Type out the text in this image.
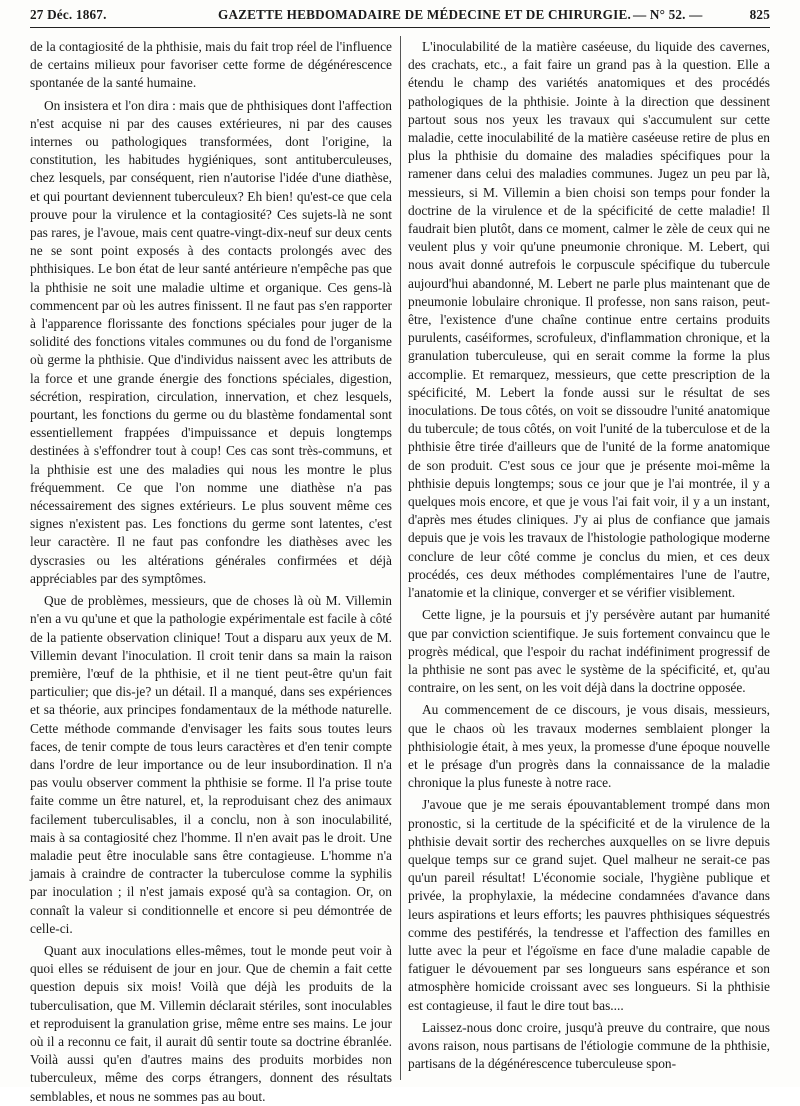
27 Déc. 1867.	GAZETTE HEBDOMADAIRE DE MÉDECINE ET DE CHIRURGIE. — N° 52. —	825

de la contagiosité de la phthisie, mais du fait trop réel de l'influence de certains milieux pour favoriser cette forme de dégénérescence spontanée de la santé humaine.

On insistera et l'on dira : mais que de phthisiques dont l'affection n'est acquise ni par des causes extérieures, ni par des causes internes ou pathologiques transformées, dont l'origine, la constitution, les habitudes hygiéniques, sont antituberculeuses, chez lesquels, par conséquent, rien n'autorise l'idée d'une diathèse, et qui pourtant deviennent tuberculeux? Eh bien! qu'est-ce que cela prouve pour la virulence et la contagiosité? Ces sujets-là ne sont pas rares, je l'avoue, mais cent quatre-vingt-dix-neuf sur deux cents ne se sont point exposés à des contacts prolongés avec des phthisiques. Le bon état de leur santé antérieure n'empêche pas que la phthisie ne soit une maladie ultime et organique. Ces gens-là commencent par où les autres finissent. Il ne faut pas s'en rapporter à l'apparence florissante des fonctions spéciales pour juger de la solidité des fonctions vitales communes ou du fond de l'organisme où germe la phthisie. Que d'individus naissent avec les attributs de la force et une grande énergie des fonctions spéciales, digestion, sécrétion, respiration, circulation, innervation, et chez lesquels, pourtant, les fonctions du germe ou du blastème fondamental sont essentiellement frappées d'impuissance et depuis longtemps destinées à s'effondrer tout à coup! Ces cas sont très-communs, et la phthisie est une des maladies qui nous les montre le plus fréquemment. Ce que l'on nomme une diathèse n'a pas nécessairement des signes extérieurs. Le plus souvent même ces signes n'existent pas. Les fonctions du germe sont latentes, c'est leur caractère. Il ne faut pas confondre les diathèses avec les dyscrasies ou les altérations générales confirmées et déjà appréciables par des symptômes.

Que de problèmes, messieurs, que de choses là où M. Villemin n'en a vu qu'une et que la pathologie expérimentale est facile à côté de la patiente observation clinique! Tout a disparu aux yeux de M. Villemin devant l'inoculation. Il croit tenir dans sa main la raison première, l'œuf de la phthisie, et il ne tient peut-être qu'un fait particulier; que dis-je? un détail. Il a manqué, dans ses expériences et sa théorie, aux principes fondamentaux de la méthode naturelle. Cette méthode commande d'envisager les faits sous toutes leurs faces, de tenir compte de tous leurs caractères et d'en tenir compte dans l'ordre de leur importance ou de leur insubordination. Il n'a pas voulu observer comment la phthisie se forme. Il l'a prise toute faite comme un être naturel, et, la reproduisant chez des animaux facilement tuberculisables, il a conclu, non à son inoculabilité, mais à sa contagiosité chez l'homme. Il n'en avait pas le droit. Une maladie peut être inoculable sans être contagieuse. L'homme n'a jamais à craindre de contracter la tuberculose comme la syphilis par inoculation ; il n'est jamais exposé qu'à sa contagion. Or, on connaît la valeur si conditionnelle et encore si peu démontrée de celle-ci.

Quant aux inoculations elles-mêmes, tout le monde peut voir à quoi elles se réduisent de jour en jour. Que de chemin a fait cette question depuis six mois! Voilà que déjà les produits de la tuberculisation, que M. Villemin déclarait stériles, sont inoculables et reproduisent la granulation grise, même entre ses mains. Le jour où il a reconnu ce fait, il aurait dû sentir toute sa doctrine ébranlée. Voilà aussi qu'en d'autres mains des produits morbides non tuberculeux, même des corps étrangers, donnent des résultats semblables, et nous ne sommes pas au bout.

L'inoculabilité de la matière caséeuse, du liquide des cavernes, des crachats, etc., a fait faire un grand pas à la question. Elle a étendu le champ des variétés anatomiques et des procédés pathologiques de la phthisie. Jointe à la direction que dessinent partout sous nos yeux les travaux qui s'accumulent sur cette maladie, cette inoculabilité de la matière caséeuse retire de plus en plus la phthisie du domaine des maladies spécifiques pour la ramener dans celui des maladies communes. Jugez un peu par là, messieurs, si M. Villemin a bien choisi son temps pour fonder la doctrine de la virulence et de la spécificité de cette maladie! Il faudrait bien plutôt, dans ce moment, calmer le zèle de ceux qui ne veulent plus y voir qu'une pneumonie chronique. M. Lebert, qui nous avait donné autrefois le corpuscule spécifique du tubercule aujourd'hui abandonné, M. Lebert ne parle plus maintenant que de pneumonie lobulaire chronique. Il professe, non sans raison, peut-être, l'existence d'une chaîne continue entre certains produits purulents, caséiformes, scrofuleux, d'inflammation chronique, et la granulation tuberculeuse, qui en serait comme la forme la plus accomplie. Et remarquez, messieurs, que cette prescription de la spécificité, M. Lebert la fonde aussi sur le résultat de ses inoculations. De tous côtés, on voit se dissoudre l'unité anatomique du tubercule; de tous côtés, on voit l'unité de la tuberculose et de la phthisie être tirée d'ailleurs que de l'unité de la forme anatomique de son produit. C'est sous ce jour que je présente moi-même la phthisie depuis longtemps; sous ce jour que je l'ai montrée, il y a quelques mois encore, et que je vous l'ai fait voir, il y a un instant, d'après mes études cliniques. J'y ai plus de confiance que jamais depuis que je vois les travaux de l'histologie pathologique moderne conclure de leur côté comme je conclus du mien, et ces deux procédés, ces deux méthodes complémentaires l'une de l'autre, l'anatomie et la clinique, converger et se vérifier visiblement.

Cette ligne, je la poursuis et j'y persévère autant par humanité que par conviction scientifique. Je suis fortement convaincu que le progrès médical, que l'espoir du rachat indéfiniment progressif de la phthisie ne sont pas avec le système de la spécificité, et, qu'au contraire, on les sent, on les voit déjà dans la doctrine opposée.

Au commencement de ce discours, je vous disais, messieurs, que le chaos où les travaux modernes semblaient plonger la phthisiologie était, à mes yeux, la promesse d'une époque nouvelle et le présage d'un progrès dans la connaissance de la maladie chronique la plus funeste à notre race.

J'avoue que je me serais épouvantablement trompé dans mon pronostic, si la certitude de la spécificité et de la virulence de la phthisie devait sortir des recherches auxquelles on se livre depuis quelque temps sur ce grand sujet. Quel malheur ne serait-ce pas qu'un pareil résultat! L'économie sociale, l'hygiène publique et privée, la prophylaxie, la médecine condamnées d'avance dans leurs aspirations et leurs efforts; les pauvres phthisiques séquestrés comme des pestiférés, la tendresse et l'affection des familles en lutte avec la peur et l'égoïsme en face d'une maladie capable de fatiguer le dévouement par ses longueurs sans espérance et son atmosphère homicide croissant avec ses longueurs. Si la phthisie est contagieuse, il faut le dire tout bas....

Laissez-nous donc croire, jusqu'à preuve du contraire, que nous avons raison, nous partisans de l'étiologie commune de la phthisie, partisans de la dégénérescence tuberculeuse spon-
